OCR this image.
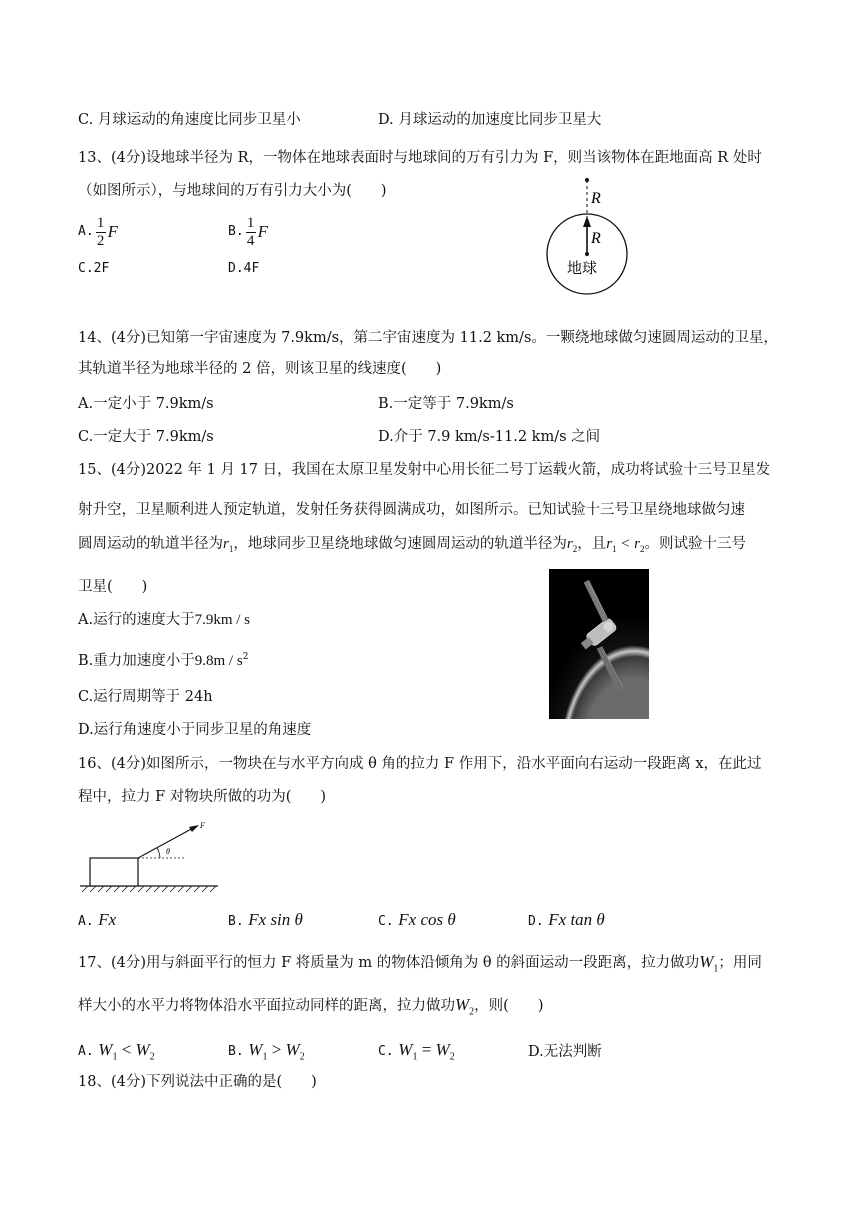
C. 月球运动的角速度比同步卫星小	D. 月球运动的加速度比同步卫星大
13、(4分)设地球半径为 R，一物体在地球表面时与地球间的万有引力为 F，则当该物体在距地面高 R 处时
（如图所示），与地球间的万有引力大小为(　　)
A. $\frac{1}{2}$ F	B. $\frac{1}{4}$ F
C.2F	D.4F
R
R
地球
14、(4分)已知第一宇宙速度为 7.9km/s，第二宇宙速度为 11.2 km/s。一颗绕地球做匀速圆周运动的卫星，
其轨道半径为地球半径的 2 倍，则该卫星的线速度(　　)
A.一定小于 7.9km/s	B.一定等于 7.9km/s
C.一定大于 7.9km/s	D.介于 7.9 km/s-11.2 km/s 之间
15、(4分)2022 年 1 月 17 日，我国在太原卫星发射中心用长征二号丁运载火箭，成功将试验十三号卫星发
射升空，卫星顺利进人预定轨道，发射任务获得圆满成功，如图所示。已知试验十三号卫星绕地球做匀速
圆周运动的轨道半径为$r_1$，地球同步卫星绕地球做匀速圆周运动的轨道半径为$r_2$，且$r_1 < r_2$。则试验十三号
卫星(　　)
A.运行的速度大于7.9km / s
B.重力加速度小于$9.8m / s^2$
C.运行周期等于 24h
D.运行角速度小于同步卫星的角速度
16、(4分)如图所示，一物块在与水平方向成 θ 角的拉力 F 作用下，沿水平面向右运动一段距离 x，在此过
程中，拉力 F 对物块所做的功为(　　)
F
θ
A. Fx	B. Fx sin θ	C. Fx cos θ	D. Fx tan θ
17、(4分)用与斜面平行的恒力 F 将质量为 m 的物体沿倾角为 θ 的斜面运动一段距离，拉力做功$W_1$；用同
样大小的水平力将物体沿水平面拉动同样的距离，拉力做功$W_2$，则(　　)
A. $W_1 < W_2$	B. $W_1 > W_2$	C. $W_1 = W_2$	D.无法判断
18、(4分)下列说法中正确的是(　　)
